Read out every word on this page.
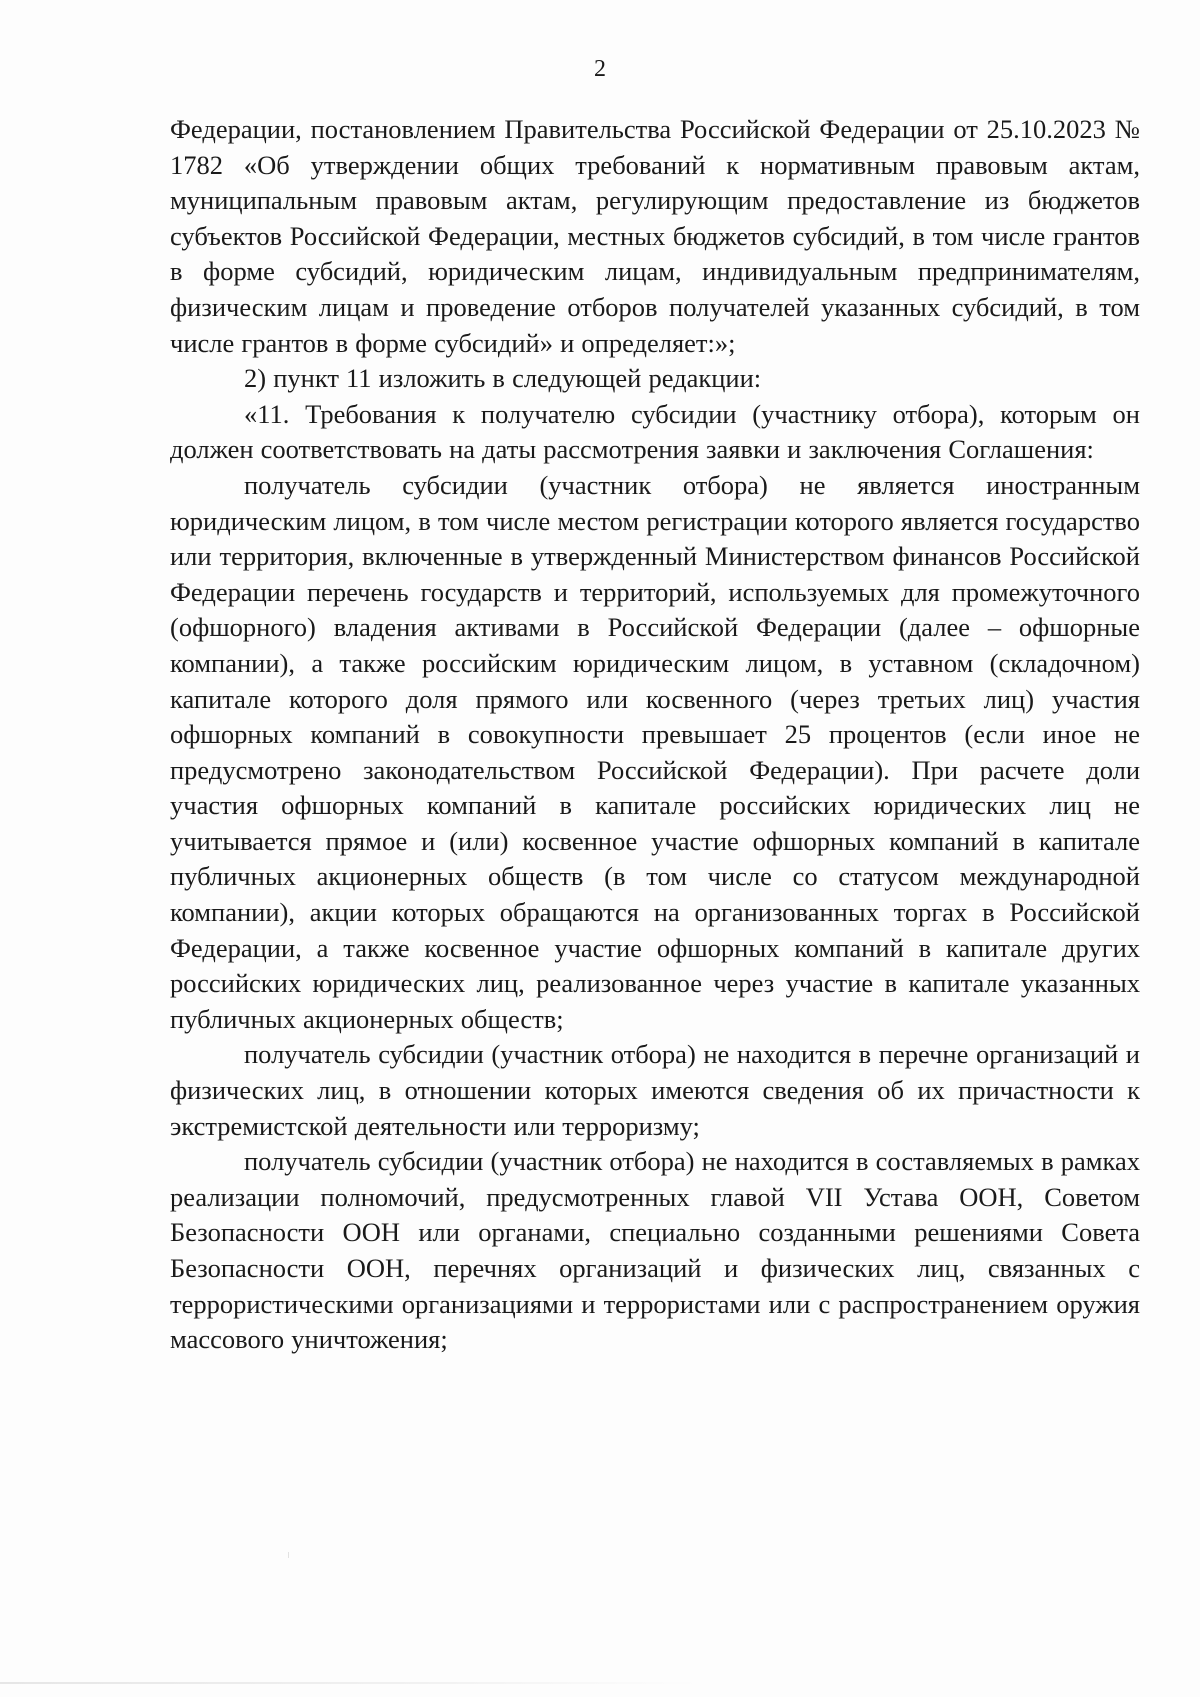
2

Федерации, постановлением Правительства Российской Федерации от 25.10.2023 № 1782 «Об утверждении общих требований к нормативным правовым актам, муниципальным правовым актам, регулирующим предоставление из бюджетов субъектов Российской Федерации, местных бюджетов субсидий, в том числе грантов в форме субсидий, юридическим лицам, индивидуальным предпринимателям, физическим лицам и проведение отборов получателей указанных субсидий, в том числе грантов в форме субсидий» и определяет:»;

2) пункт 11 изложить в следующей редакции:

«11. Требования к получателю субсидии (участнику отбора), которым он должен соответствовать на даты рассмотрения заявки и заключения Соглашения:

получатель субсидии (участник отбора) не является иностранным юридическим лицом, в том числе местом регистрации которого является государство или территория, включенные в утвержденный Министерством финансов Российской Федерации перечень государств и территорий, используемых для промежуточного (офшорного) владения активами в Российской Федерации (далее – офшорные компании), а также российским юридическим лицом, в уставном (складочном) капитале которого доля прямого или косвенного (через третьих лиц) участия офшорных компаний в совокупности превышает 25 процентов (если иное не предусмотрено законодательством Российской Федерации). При расчете доли участия офшорных компаний в капитале российских юридических лиц не учитывается прямое и (или) косвенное участие офшорных компаний в капитале публичных акционерных обществ (в том числе со статусом международной компании), акции которых обращаются на организованных торгах в Российской Федерации, а также косвенное участие офшорных компаний в капитале других российских юридических лиц, реализованное через участие в капитале указанных публичных акционерных обществ;

получатель субсидии (участник отбора) не находится в перечне организаций и физических лиц, в отношении которых имеются сведения об их причастности к экстремистской деятельности или терроризму;

получатель субсидии (участник отбора) не находится в составляемых в рамках реализации полномочий, предусмотренных главой VII Устава ООН, Советом Безопасности ООН или органами, специально созданными решениями Совета Безопасности ООН, перечнях организаций и физических лиц, связанных с террористическими организациями и террористами или с распространением оружия массового уничтожения;
